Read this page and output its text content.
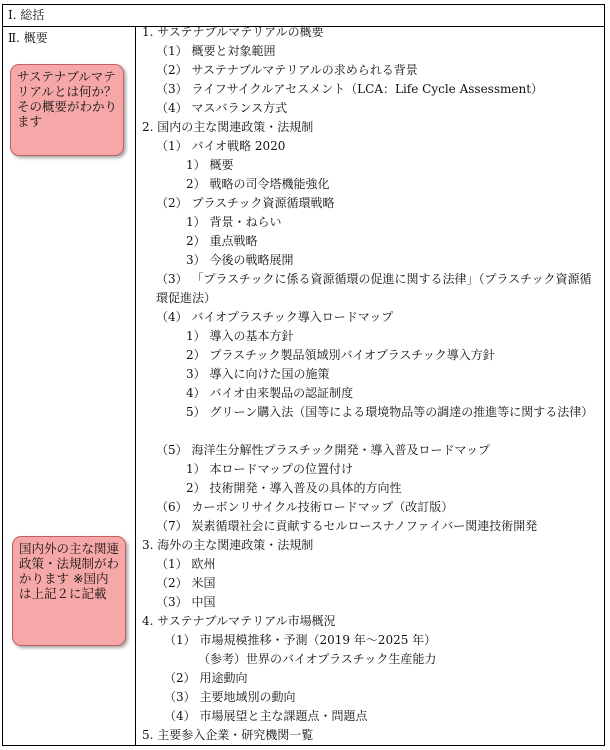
Ⅰ. 総括
Ⅱ. 概要	1. サステナブルマテリアルの概要
（1） 概要と対象範囲
（2） サステナブルマテリアルの求められる背景
（3） ライフサイクルアセスメント（LCA：Life Cycle Assessment）
（4） マスバランス方式
2. 国内の主な関連政策・法規制
（1） バイオ戦略 2020
1） 概要
2） 戦略の司令塔機能強化
（2） プラスチック資源循環戦略
1） 背景・ねらい
2） 重点戦略
3） 今後の戦略展開
（3） 「プラスチックに係る資源循環の促進に関する法律」（プラスチック資源循環促進法）
（4） バイオプラスチック導入ロードマップ
1） 導入の基本方針
2） プラスチック製品領域別バイオプラスチック導入方針
3） 導入に向けた国の施策
4） バイオ由来製品の認証制度
5） グリーン購入法（国等による環境物品等の調達の推進等に関する法律）
（5） 海洋生分解性プラスチック開発・導入普及ロードマップ
1） 本ロードマップの位置付け
2） 技術開発・導入普及の具体的方向性
（6） カーボンリサイクル技術ロードマップ（改訂版）
（7） 炭素循環社会に貢献するセルロースナノファイバー関連技術開発
3. 海外の主な関連政策・法規制
（1） 欧州
（2） 米国
（3） 中国
4. サステナブルマテリアル市場概況
（1） 市場規模推移・予測（2019 年～2025 年）
（参考）世界のバイオプラスチック生産能力
（2） 用途動向
（3） 主要地域別の動向
（4） 市場展望と主な課題点・問題点
5. 主要参入企業・研究機関一覧
サステナブルマテリアルとは何か？その概要がわかります
国内外の主な関連政策・法規制がわかります ※国内は上記２に記載
